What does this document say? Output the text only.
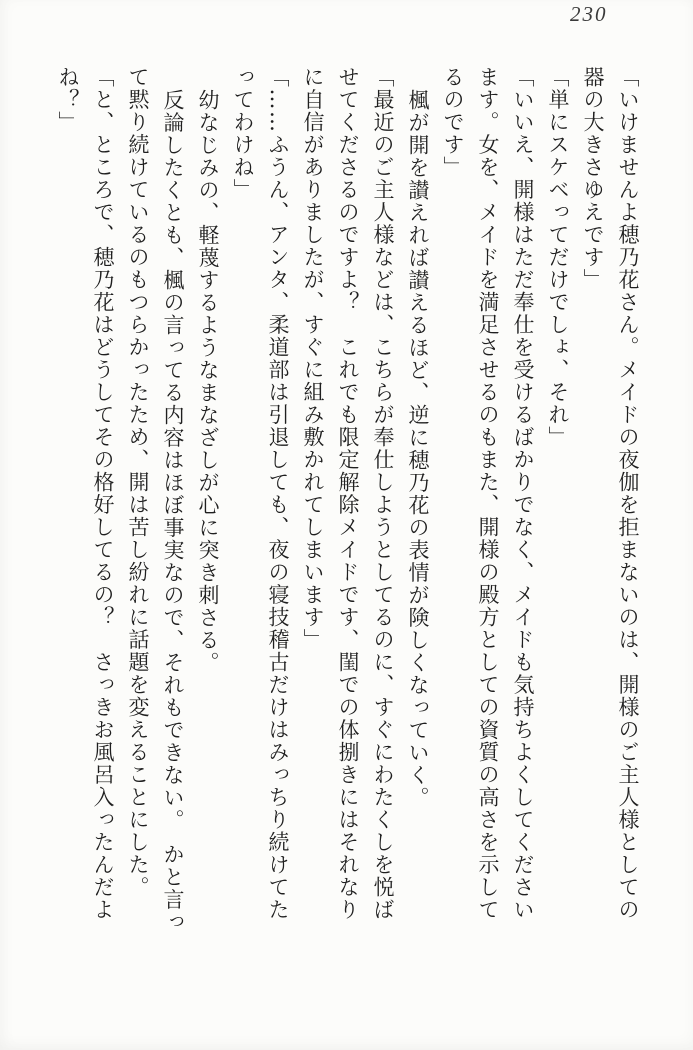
230

「いけませんよ穂乃花さん。メイドの夜伽を拒まないのは、開様のご主人様としての

器の大きさゆえです」

「単にスケベってだけでしょ、それ」

「いいえ、開様はただ奉仕を受けるばかりでなく、メイドも気持ちよくしてください

ます。女を、メイドを満足させるのもまた、開様の殿方としての資質の高さを示して

るのです」

楓が開を讃えれば讃えるほど、逆に穂乃花の表情が険しくなっていく。

「最近のご主人様などは、こちらが奉仕しようとしてるのに、すぐにわたくしを悦ば

せてくださるのですよ？　これでも限定解除メイドです、閨での体捌きにはそれなり

に自信がありましたが、すぐに組み敷かれてしまいます」

「……ふうん、アンタ、柔道部は引退しても、夜の寝技稽古だけはみっちり続けてた

ってわけね」

幼なじみの、軽蔑するようなまなざしが心に突き刺さる。

反論したくとも、楓の言ってる内容はほぼ事実なので、それもできない。　かと言っ

て黙り続けているのもつらかったため、開は苦し紛れに話題を変えることにした。

「と、ところで、穂乃花はどうしてその格好してるの？　さっきお風呂入ったんだよ

ね？」
